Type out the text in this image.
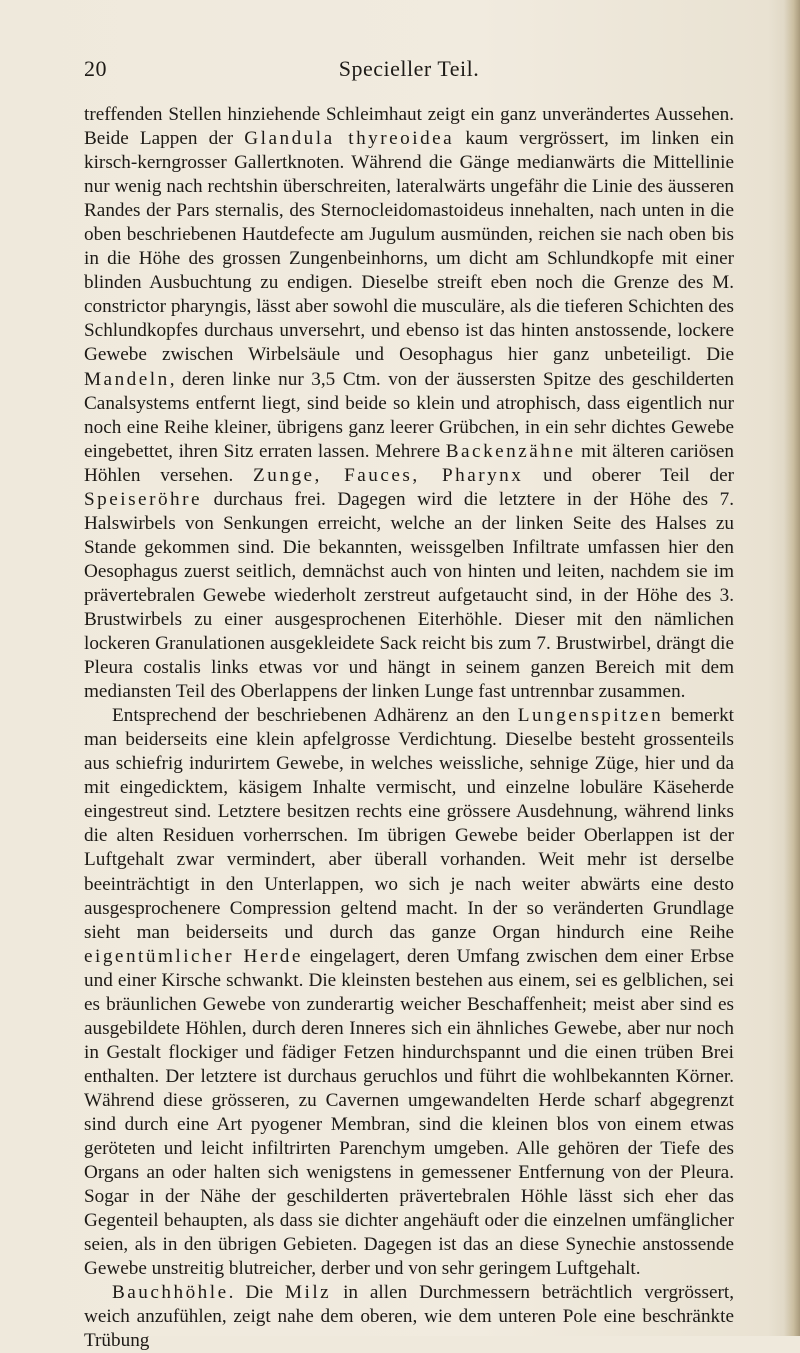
20	Specieller Teil.

treffenden Stellen hinziehende Schleimhaut zeigt ein ganz unverändertes Aussehen. Beide Lappen der Glandula thyreoidea kaum vergrössert, im linken ein kirsch-kerngrosser Gallertknoten. Während die Gänge medianwärts die Mittellinie nur wenig nach rechtshin überschreiten, lateralwärts ungefähr die Linie des äusseren Randes der Pars sternalis, des Sternocleidomastoideus innehalten, nach unten in die oben beschriebenen Hautdefecte am Jugulum ausmünden, reichen sie nach oben bis in die Höhe des grossen Zungenbeinhorns, um dicht am Schlundkopfe mit einer blinden Ausbuchtung zu endigen. Dieselbe streift eben noch die Grenze des M. constrictor pharyngis, lässt aber sowohl die musculäre, als die tieferen Schichten des Schlundkopfes durchaus unversehrt, und ebenso ist das hinten anstossende, lockere Gewebe zwischen Wirbelsäule und Oesophagus hier ganz unbeteiligt. Die Mandeln, deren linke nur 3,5 Ctm. von der äussersten Spitze des geschilderten Canalsystems entfernt liegt, sind beide so klein und atrophisch, dass eigentlich nur noch eine Reihe kleiner, übrigens ganz leerer Grübchen, in ein sehr dichtes Gewebe eingebettet, ihren Sitz erraten lassen. Mehrere Backenzähne mit älteren cariösen Höhlen versehen. Zunge, Fauces, Pharynx und oberer Teil der Speiseröhre durchaus frei. Dagegen wird die letztere in der Höhe des 7. Halswirbels von Senkungen erreicht, welche an der linken Seite des Halses zu Stande gekommen sind. Die bekannten, weissgelben Infiltrate umfassen hier den Oesophagus zuerst seitlich, demnächst auch von hinten und leiten, nachdem sie im prävertebralen Gewebe wiederholt zerstreut aufgetaucht sind, in der Höhe des 3. Brustwirbels zu einer ausgesprochenen Eiterhöhle. Dieser mit den nämlichen lockeren Granulationen ausgekleidete Sack reicht bis zum 7. Brustwirbel, drängt die Pleura costalis links etwas vor und hängt in seinem ganzen Bereich mit dem mediansten Teil des Oberlappens der linken Lunge fast untrennbar zusammen.

Entsprechend der beschriebenen Adhärenz an den Lungenspitzen bemerkt man beiderseits eine klein apfelgrosse Verdichtung. Dieselbe besteht grossenteils aus schiefrig indurirtem Gewebe, in welches weissliche, sehnige Züge, hier und da mit eingedicktem, käsigem Inhalte vermischt, und einzelne lobuläre Käseherde eingestreut sind. Letztere besitzen rechts eine grössere Ausdehnung, während links die alten Residuen vorherrschen. Im übrigen Gewebe beider Oberlappen ist der Luftgehalt zwar vermindert, aber überall vorhanden. Weit mehr ist derselbe beeinträchtigt in den Unterlappen, wo sich je nach weiter abwärts eine desto ausgesprochenere Compression geltend macht. In der so veränderten Grundlage sieht man beiderseits und durch das ganze Organ hindurch eine Reihe eigentümlicher Herde eingelagert, deren Umfang zwischen dem einer Erbse und einer Kirsche schwankt. Die kleinsten bestehen aus einem, sei es gelblichen, sei es bräunlichen Gewebe von zunderartig weicher Beschaffenheit; meist aber sind es ausgebildete Höhlen, durch deren Inneres sich ein ähnliches Gewebe, aber nur noch in Gestalt flockiger und fädiger Fetzen hindurchspannt und die einen trüben Brei enthalten. Der letztere ist durchaus geruchlos und führt die wohlbekannten Körner. Während diese grösseren, zu Cavernen umgewandelten Herde scharf abgegrenzt sind durch eine Art pyogener Membran, sind die kleinen blos von einem etwas geröteten und leicht infiltrirten Parenchym umgeben. Alle gehören der Tiefe des Organs an oder halten sich wenigstens in gemessener Entfernung von der Pleura. Sogar in der Nähe der geschilderten prävertebralen Höhle lässt sich eher das Gegenteil behaupten, als dass sie dichter angehäuft oder die einzelnen umfänglicher seien, als in den übrigen Gebieten. Dagegen ist das an diese Synechie anstossende Gewebe unstreitig blutreicher, derber und von sehr geringem Luftgehalt.

Bauchhöhle. Die Milz in allen Durchmessern beträchtlich vergrössert, weich anzufühlen, zeigt nahe dem oberen, wie dem unteren Pole eine beschränkte Trübung
